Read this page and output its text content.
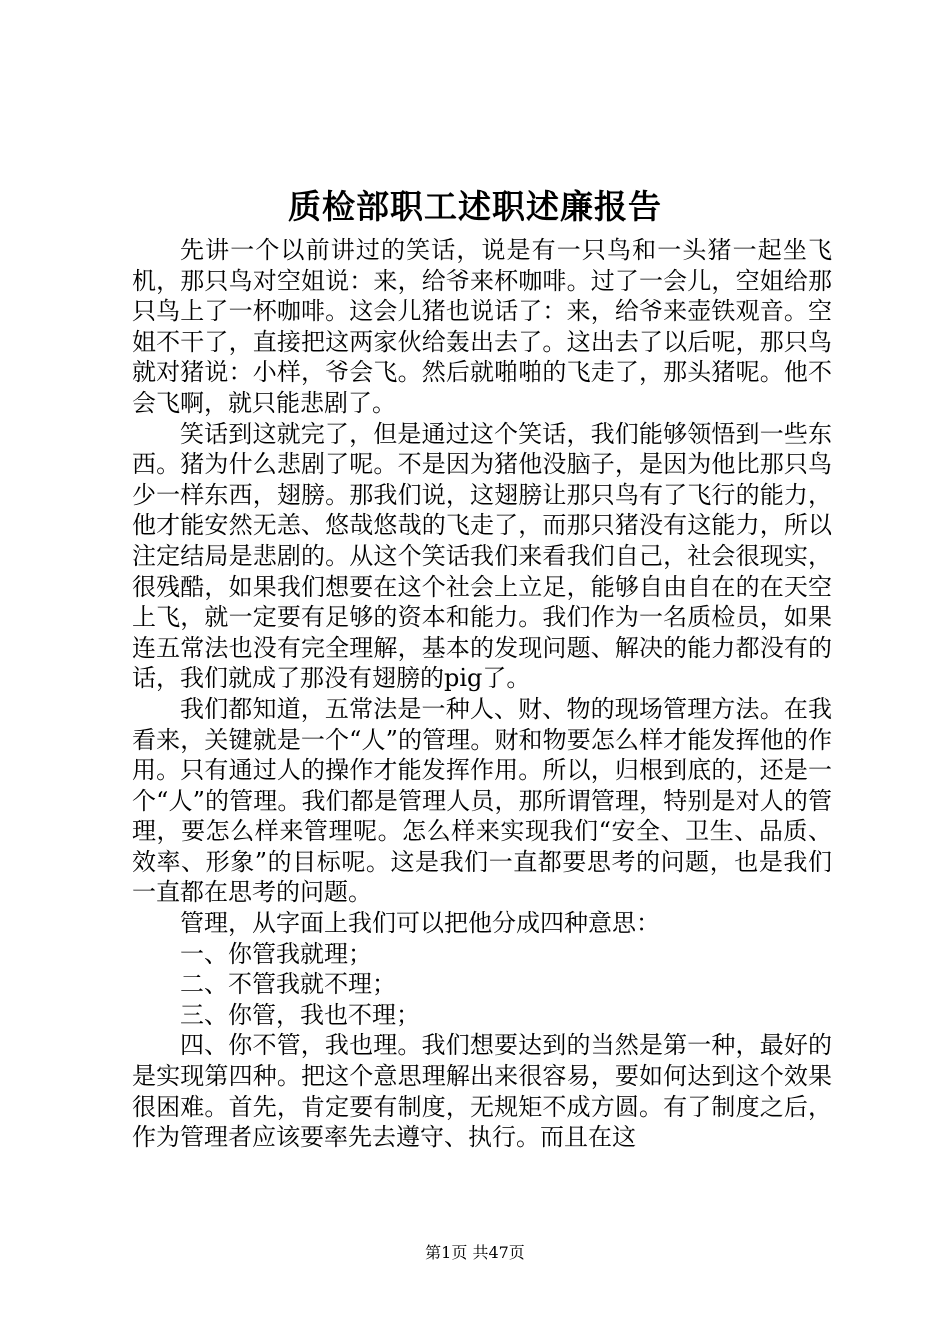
质检部职工述职述廉报告

先讲一个以前讲过的笑话，说是有一只鸟和一头猪一起坐飞机，那只鸟对空姐说：来，给爷来杯咖啡。过了一会儿，空姐给那只鸟上了一杯咖啡。这会儿猪也说话了：来，给爷来壶铁观音。空姐不干了，直接把这两家伙给轰出去了。这出去了以后呢，那只鸟就对猪说：小样，爷会飞。然后就啪啪的飞走了，那头猪呢。他不会飞啊，就只能悲剧了。

笑话到这就完了，但是通过这个笑话，我们能够领悟到一些东西。猪为什么悲剧了呢。不是因为猪他没脑子，是因为他比那只鸟少一样东西，翅膀。那我们说，这翅膀让那只鸟有了飞行的能力，他才能安然无恙、悠哉悠哉的飞走了，而那只猪没有这能力，所以注定结局是悲剧的。从这个笑话我们来看我们自己，社会很现实，很残酷，如果我们想要在这个社会上立足，能够自由自在的在天空上飞，就一定要有足够的资本和能力。我们作为一名质检员，如果连五常法也没有完全理解，基本的发现问题、解决的能力都没有的话，我们就成了那没有翅膀的pig了。

我们都知道，五常法是一种人、财、物的现场管理方法。在我看来，关键就是一个“人”的管理。财和物要怎么样才能发挥他的作用。只有通过人的操作才能发挥作用。所以，归根到底的，还是一个“人”的管理。我们都是管理人员，那所谓管理，特别是对人的管理，要怎么样来管理呢。怎么样来实现我们“安全、卫生、品质、效率、形象”的目标呢。这是我们一直都要思考的问题，也是我们一直都在思考的问题。

管理，从字面上我们可以把他分成四种意思：

一、你管我就理；

二、不管我就不理；

三、你管，我也不理；

四、你不管，我也理。我们想要达到的当然是第一种，最好的是实现第四种。把这个意思理解出来很容易，要如何达到这个效果很困难。首先，肯定要有制度，无规矩不成方圆。有了制度之后，作为管理者应该要率先去遵守、执行。而且在这

第1页 共47页
